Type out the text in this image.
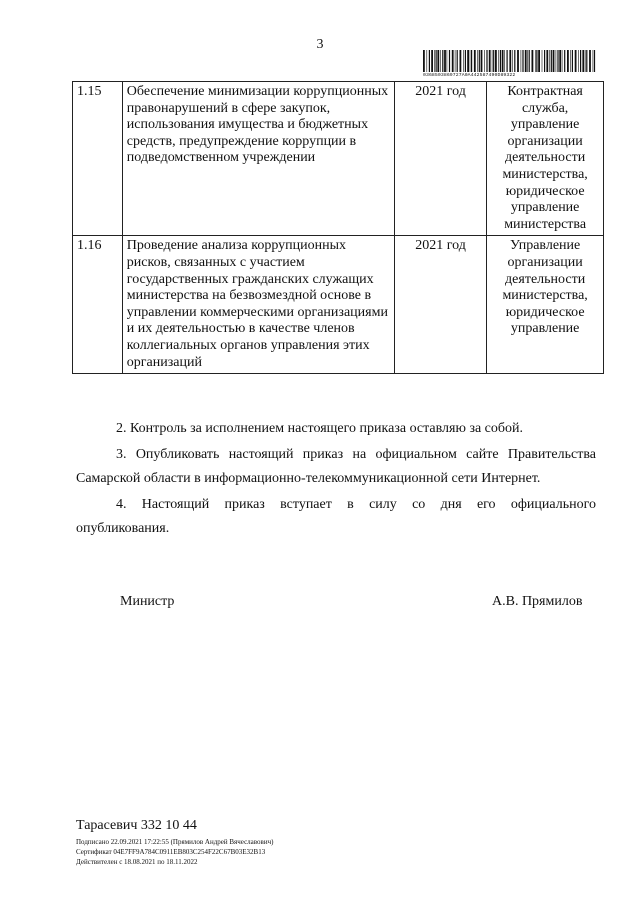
3
0368503869727A0A442587490D89322
1.15	Обеспечение минимизации коррупционных правонарушений в сфере закупок, использования имущества и бюджетных средств, предупреждение коррупции в подведомственном учреждении	2021 год	Контрактная служба, управление организации деятельности министерства, юридическое управление министерства
1.16	Проведение анализа коррупционных рисков, связанных с участием государственных гражданских служащих министерства на безвозмездной основе в управлении коммерческими организациями и их деятельностью в качестве членов коллегиальных органов управления этих организаций	2021 год	Управление организации деятельности министерства, юридическое управление
2. Контроль за исполнением настоящего приказа оставляю за собой.
3. Опубликовать настоящий приказ на официальном сайте Правительства Самарской области в информационно-телекоммуникационной сети Интернет.
4. Настоящий приказ вступает в силу со дня его официального опубликования.
Министр	А.В. Прямилов
Тарасевич 332 10 44
Подписано 22.09.2021 17:22:55 (Прямилов Андрей Вячеславович)
Сертификат 04E7FF9A784C0911EB803C254F22C67B03E32B13
Действителен с 18.08.2021 по 18.11.2022
